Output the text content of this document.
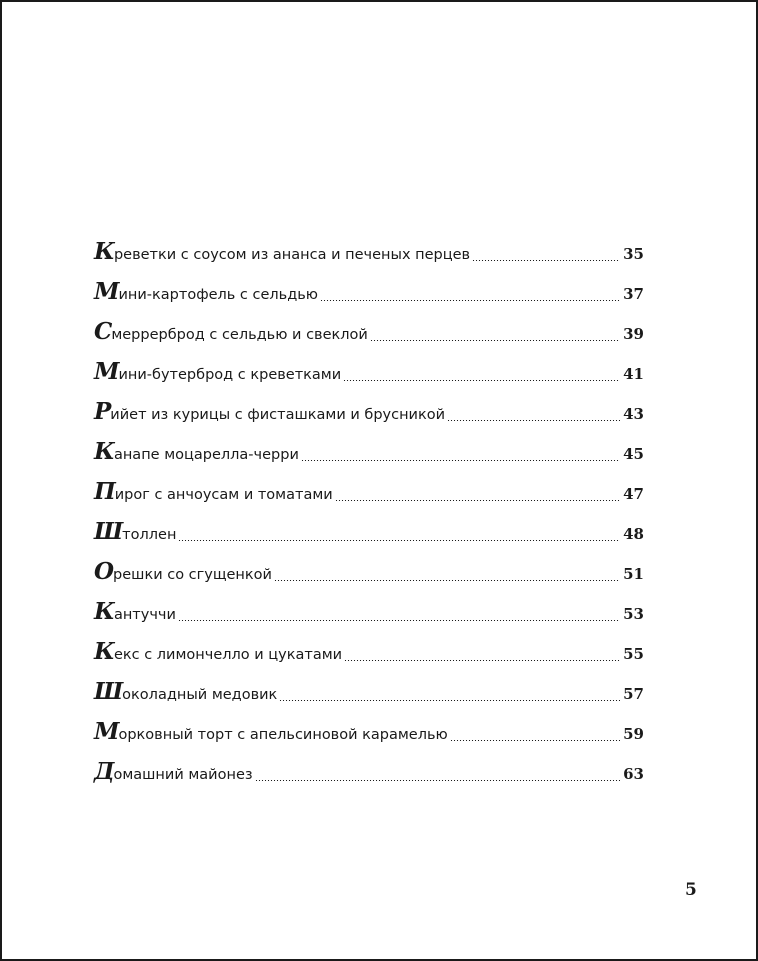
К реветки с соусом из ананса и печеных перцев	35
М ини-картофель с сельдью	37
С меррерброд с сельдью и свеклой	39
М ини-бутерброд с креветками	41
Р ийет из курицы с фисташками и брусникой	43
К анапе моцарелла-черри	45
П ирог с анчоусам и томатами	47
Ш толлен	48
О решки со сгущенкой	51
К антуччи	53
К екс с лимончелло и цукатами	55
Ш околадный медовик	57
М орковный торт с апельсиновой карамелью	59
Д омашний майонез	63
5
